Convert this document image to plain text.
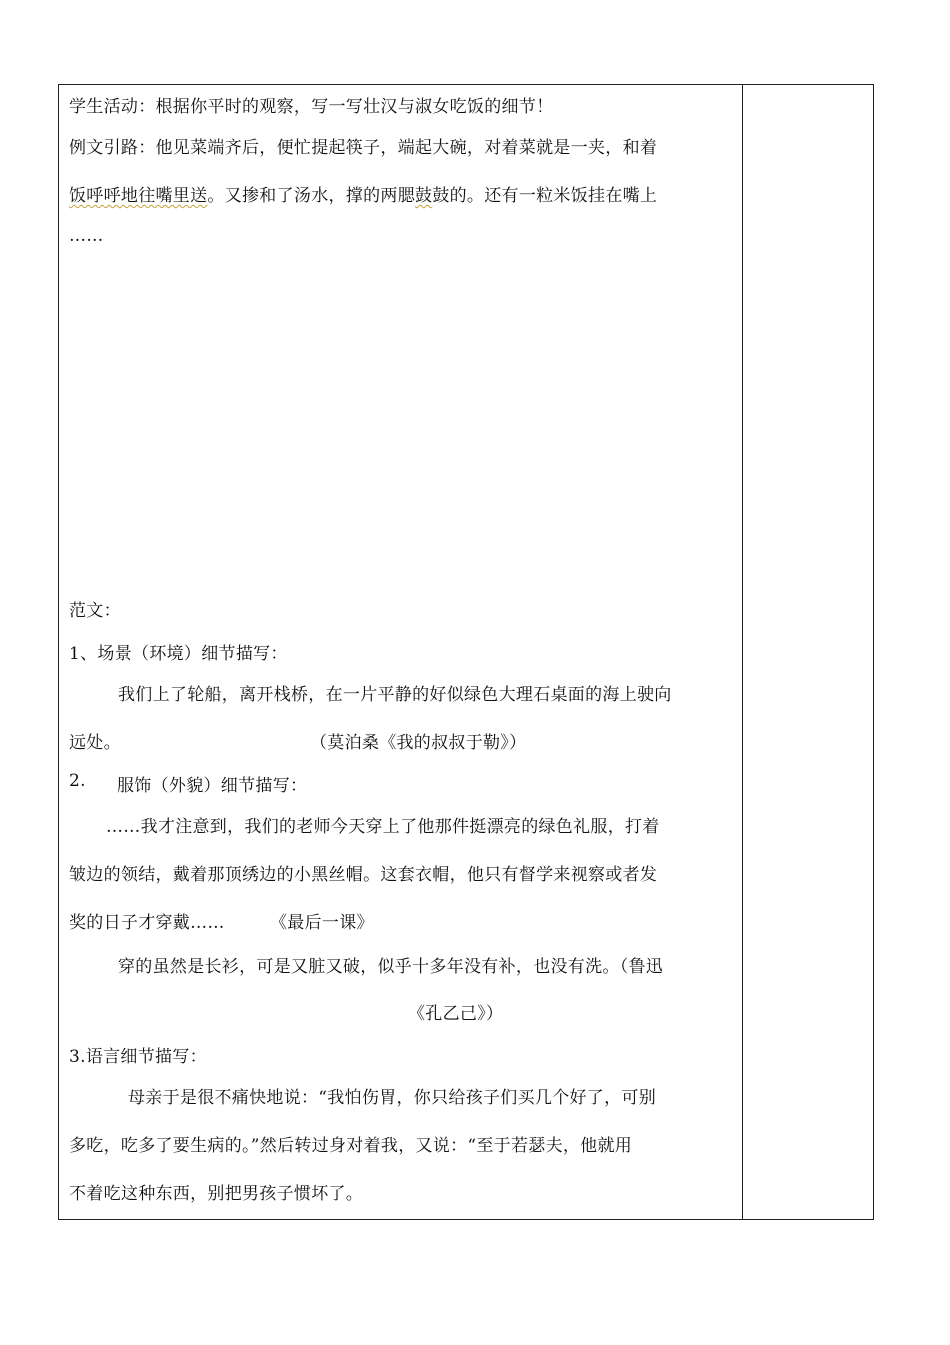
学生活动：根据你平时的观察，写一写壮汉与淑女吃饭的细节！
例文引路：他见菜端齐后，便忙提起筷子，端起大碗，对着菜就是一夹，和着
饭呼呼地往嘴里送。又掺和了汤水，撑的两腮鼓鼓的。还有一粒米饭挂在嘴上
……
范文：
1、场景（环境）细节描写：
我们上了轮船，离开栈桥，在一片平静的好似绿色大理石桌面的海上驶向
远处。	（莫泊桑《我的叔叔于勒》）
2. 服饰（外貌）细节描写：
……我才注意到，我们的老师今天穿上了他那件挺漂亮的绿色礼服，打着
皱边的领结，戴着那顶绣边的小黑丝帽。这套衣帽，他只有督学来视察或者发
奖的日子才穿戴……	《最后一课》
穿的虽然是长衫，可是又脏又破，似乎十多年没有补，也没有洗。（鲁迅
《孔乙己》）
3.语言细节描写：
母亲于是很不痛快地说：“我怕伤胃，你只给孩子们买几个好了，可别
多吃，吃多了要生病的。”然后转过身对着我，又说：“至于若瑟夫，他就用
不着吃这种东西，别把男孩子惯坏了。
